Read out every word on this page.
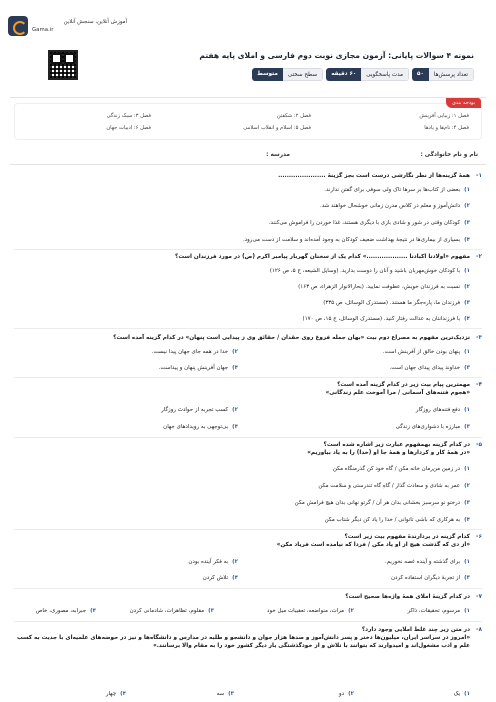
آموزش آنلاین، سنجش آنلاین
Gama.ir
نمونه ۴ سوالات پایانی: آزمون مجازی نوبت دوم فارسی و املای پایه هفتم
تعداد پرسش‌ها
۵۰
مدت پاسخگویی
۶۰ دقیقه
سطح سختی
متوسط
بودجه بندی
فصل ۱: زیبایی آفرینش
فصل ۲: شکفتن
فصل ۳: سبک زندگی
فصل ۴: نام‌ها و یادها
فصل ۵: اسلام و انقلاب اسلامی
فصل ۶: ادبیات جهان
نام و نام خانوادگی :
مدرسه :
۱-
همهٔ گزینه‌ها از نظر نگارشی درست است بجز گزینهٔ ......................
۱)بعضی از کتاب‌ها بر سرها تاک ولی سوفی برای گفتن ندارند.
۲)دانش‌آموز و معلم در کلاس مدرن زمانی خوشحال خواهند شد.
۳)کودکان وقتی در شور و شادی بازی با دیگری هستند، غذا خوردن را فراموش می‌کنند.
۴)بسیاری از بیماری‌ها در نتیجهٔ بهداشت ضعیف کودکان به وجود آمده‌اند و سلامت از دست می‌رود.
۲-
مفهوم «اولادنا اکبادنا ...................» کدام یک از سخنان گهربار پیامبر اکرم (ص) در مورد فرزندان است؟
۱)با کودکان خوش‌مهربان باشید و آنان را دوست بدارید. (وسایل الشیعه، ج ۵، ص ۱۲۶)
۲)نسبت به فرزندان خویش، عطوفت نمایید. (بحارالانوار الزهراء، ص ۱۶۳)
۳)فرزندان ما، پاره‌جگر ما هستند. (مستدرک الوسائل، ص ۳۳۵)
۴)با فرزندانتان به عدالت رفتار کنید. (مستدرک الوسائل، ج ۱۵، ص ۱۷۰)
۳-
نزدیک‌ترین مفهوم به مصراع دوم بیت «بهان جمله فروغ روی حقدان / حقائق وی ز پیدایی است پنهان» در کدام گزینه آمده است؟
۱)پنهان بودن خالق از آفرینش است.
۲)خدا در همه جای جهان پیدا نیست.
۳)خداوند پیدای پیدای جهان است.
۴)جهان آفرینش پنهان و پیداست.
۴-
مهمترین پیام بیت زیر در کدام گزینه آمده است؟
«هجوم فتنه‌های آسمانی / مرا آموخت علم زندگانی»
۱)دفع فتنه‌های روزگار
۲)کسب تجربه از حوادث روزگار
۳)مبارزه با دشواری‌های زندگی
۴)بی‌توجهی به رویدادهای جهان
۵-
در کدام گزینه بهمفهوم عبارت زیر اشاره شده است؟
«در همهٔ کار و کردارها و همهٔ جا او (خدا) را به یاد بیاوریم»
۱)در زمین من‌رمان خانه مکن / گاه خود کن گذرمنگاه مکن
۲)عمر به شادی و سعادت گذار / گاهِ گاه تندرستی و سلامت مکن
۳)درختو نو سرسبز بخشانی بدان هر آن / گرتو نهانی بدان هیچ فرامش مکن
۴)به هرکاری که باشی تا‌توانی / خدا را یاد کن دیگر شتاب مکن
۶-
کدام گزینه در بردارندهٔ مفهوم بیت زیر است؟
«از دی که گذشت هیچ از او یاد مکن / فردا که نیامده است فریاد مکن»
۱)برای گذشته و آینده غصه نخوریم.
۲)به فکر آینده بودن
۳)از تجربهٔ دیگران استفاده کردن
۴)تلاش کردن
۷-
در کدام گزینهٔ املای همهٔ واژه‌ها صحیح است؟
۱)مرسوم، تحقیقات، ذاکر
۲)مرات، منواضعه، تعقیبات میل خود
۳)مقلوم، تظاهرات، شادمانی کردن
۴)جبرابه، مصوری، خاص
۸-
در متن زیر چند غلط املایی وجود دارد؟
«امروز در سراسر ایران، میلیون‌ها دختر و پسر دانش‌آموز و صدها هزار جوان و دانشجو و طلبه در مدارس و دانشگاه‌ها و نیز در حوضه‌های علمیه‌ای با جدیت به کسب علم و ادب مشغول‌اند و امیدوارند که بتوانند با تلاش و از خودگذشتگی یار دیگر کشور خود را به مقام والا برسانند.»
۱)یک
۲)دو
۳)سه
۴)چهار
